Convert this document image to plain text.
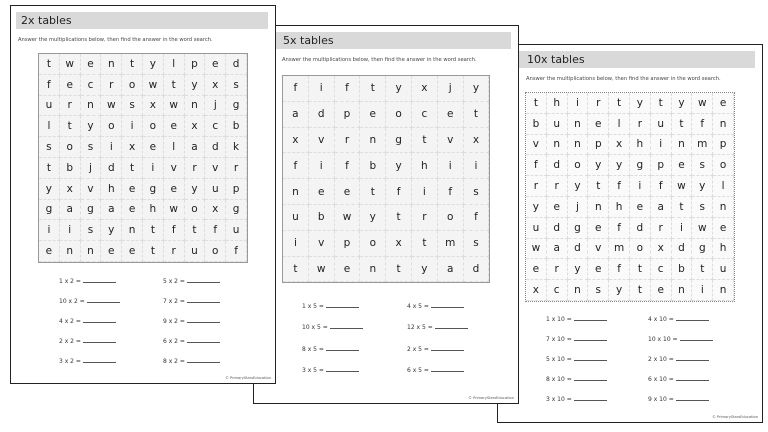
2x tables
Answer the multiplications below, then find the answer in the word search.
t	w	e	n	t	y	l	p	e	d
f	e	c	r	o	w	t	y	x	s
u	r	n	w	s	x	w	n	j	g
l	t	y	o	i	o	e	x	c	b
s	o	s	i	x	e	l	a	d	k
t	b	j	d	t	i	v	r	v	r
y	x	v	h	e	g	e	y	u	p
g	a	g	a	e	h	w	o	x	g
i	i	s	y	n	t	f	t	f	u
e	n	n	e	e	t	r	u	o	f
1 x 2 =	5 x 2 =
10 x 2 =	7 x 2 =
4 x 2 =	9 x 2 =
2 x 2 =	6 x 2 =
3 x 2 =	8 x 2 =
© PrimaryStarsEducation
5x tables
Answer the multiplications below, then find the answer in the word search.
f	i	f	t	y	x	j	y
a	d	p	e	o	c	e	t
x	v	r	n	g	t	v	x
f	i	f	b	y	h	i	i
n	e	e	t	f	i	f	s
u	b	w	y	t	r	o	f
i	v	p	o	x	t	m	s
t	w	e	n	t	y	a	d
1 x 5 =	4 x 5 =
10 x 5 =	12 x 5 =
8 x 5 =	2 x 5 =
3 x 5 =	6 x 5 =
© PrimaryStarsEducation
10x tables
Answer the multiplications below, then find the answer in the word search.
t	h	i	r	t	y	t	y	w	e
b	u	n	e	l	r	u	t	f	n
v	n	n	p	x	h	i	n	m	p
f	d	o	y	y	g	p	e	s	o
r	r	y	t	f	i	f	w	y	l
y	e	j	n	h	e	a	t	s	n
u	d	g	e	f	d	r	i	w	e
w	a	d	v	m	o	x	d	g	h
e	r	y	e	f	t	c	b	t	u
x	c	n	s	y	t	e	n	i	n
1 x 10 =	4 x 10 =
7 x 10 =	10 x 10 =
5 x 10 =	2 x 10 =
8 x 10 =	6 x 10 =
3 x 10 =	9 x 10 =
© PrimaryStarsEducation
